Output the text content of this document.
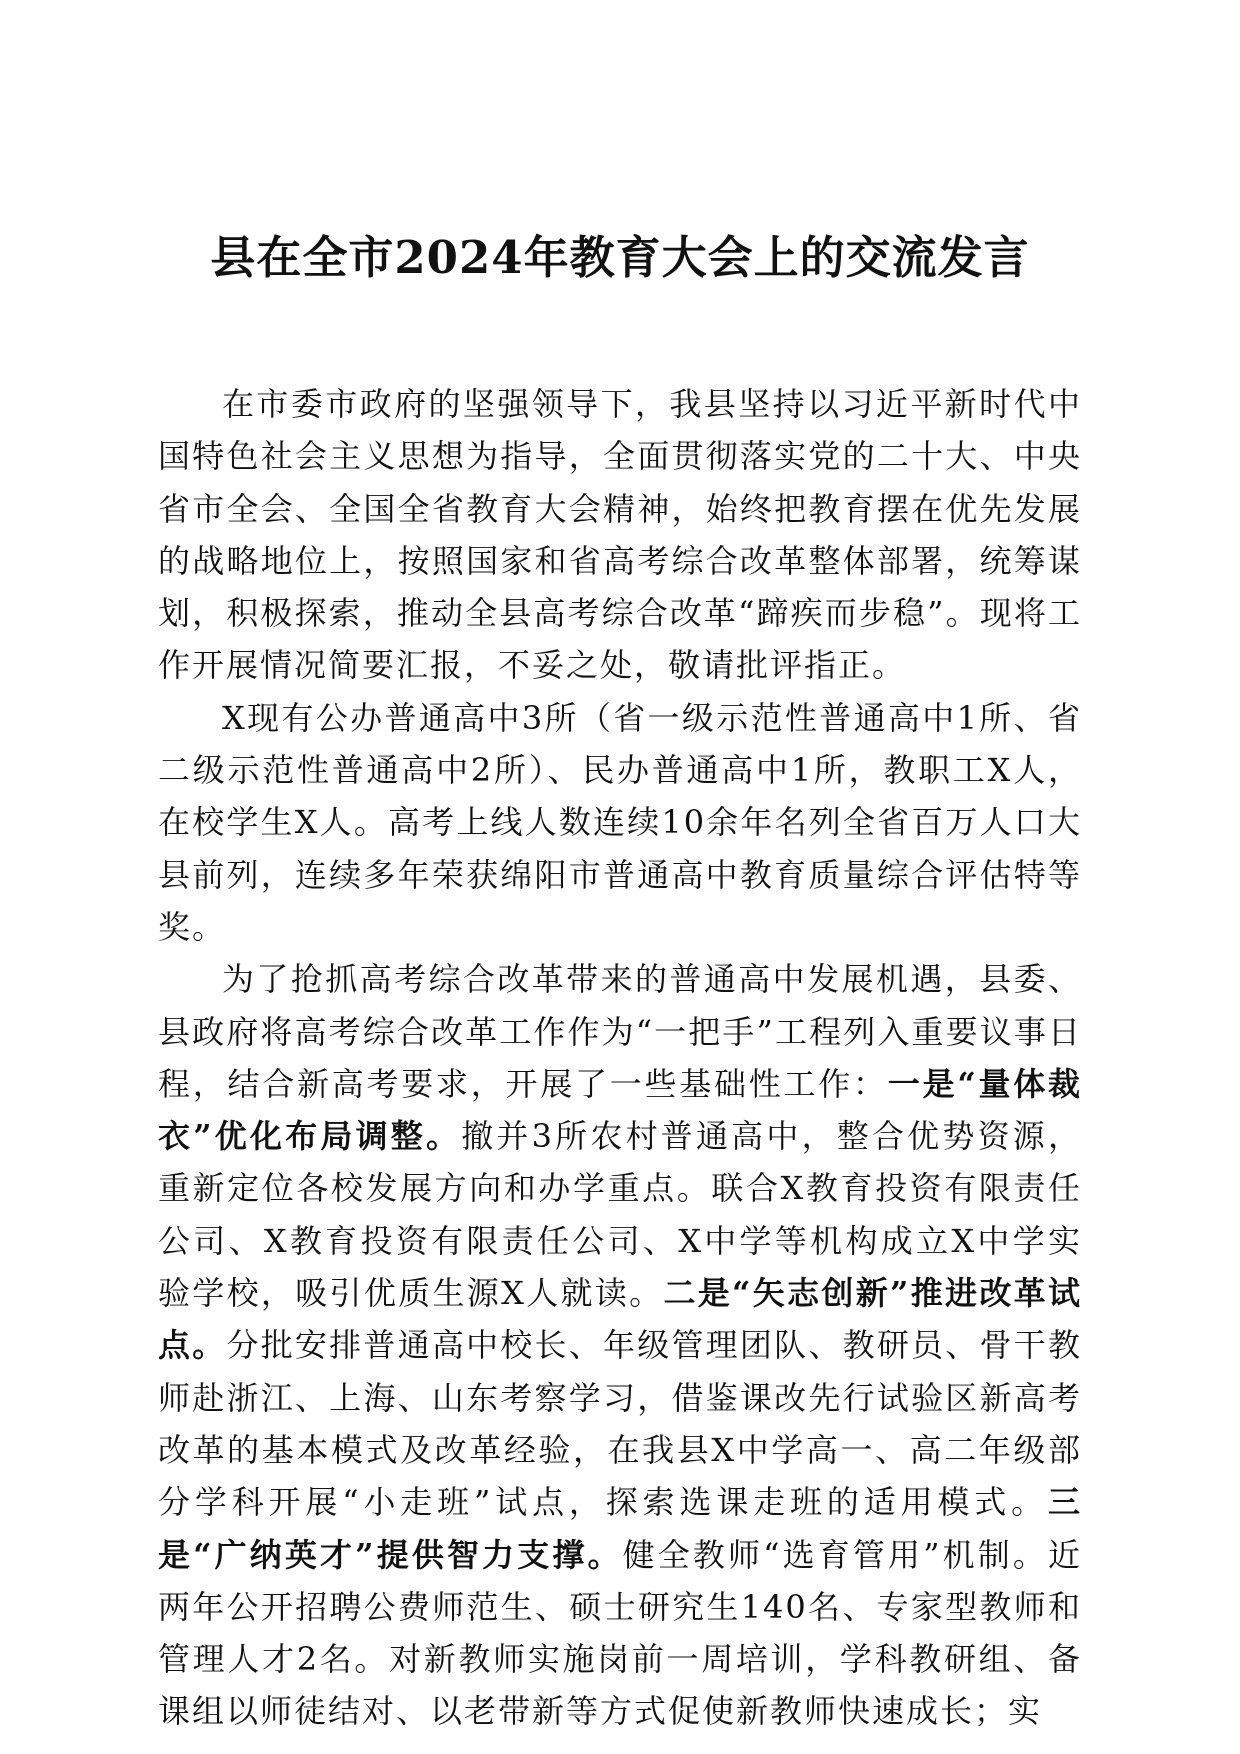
县在全市2024年教育大会上的交流发言

在市委市政府的坚强领导下，我县坚持以习近平新时代中国特色社会主义思想为指导，全面贯彻落实党的二十大、中央省市全会、全国全省教育大会精神，始终把教育摆在优先发展的战略地位上，按照国家和省高考综合改革整体部署，统筹谋划，积极探索，推动全县高考综合改革“蹄疾而步稳”。现将工作开展情况简要汇报，不妥之处，敬请批评指正。

X现有公办普通高中3所（省一级示范性普通高中1所、省二级示范性普通高中2所）、民办普通高中1所，教职工X人，在校学生X人。高考上线人数连续10余年名列全省百万人口大县前列，连续多年荣获绵阳市普通高中教育质量综合评估特等奖。

为了抢抓高考综合改革带来的普通高中发展机遇，县委、县政府将高考综合改革工作作为“一把手”工程列入重要议事日程，结合新高考要求，开展了一些基础性工作：一是“量体裁衣”优化布局调整。撤并3所农村普通高中，整合优势资源，重新定位各校发展方向和办学重点。联合X教育投资有限责任公司、X教育投资有限责任公司、X中学等机构成立X中学实验学校，吸引优质生源X人就读。二是“矢志创新”推进改革试点。分批安排普通高中校长、年级管理团队、教研员、骨干教师赴浙江、上海、山东考察学习，借鉴课改先行试验区新高考改革的基本模式及改革经验，在我县X中学高一、高二年级部分学科开展“小走班”试点，探索选课走班的适用模式。三是“广纳英才”提供智力支撑。健全教师“选育管用”机制。近两年公开招聘公费师范生、硕士研究生140名、专家型教师和管理人才2名。对新教师实施岗前一周培训，学科教研组、备课组以师徒结对、以老带新等方式促使新教师快速成长；实
